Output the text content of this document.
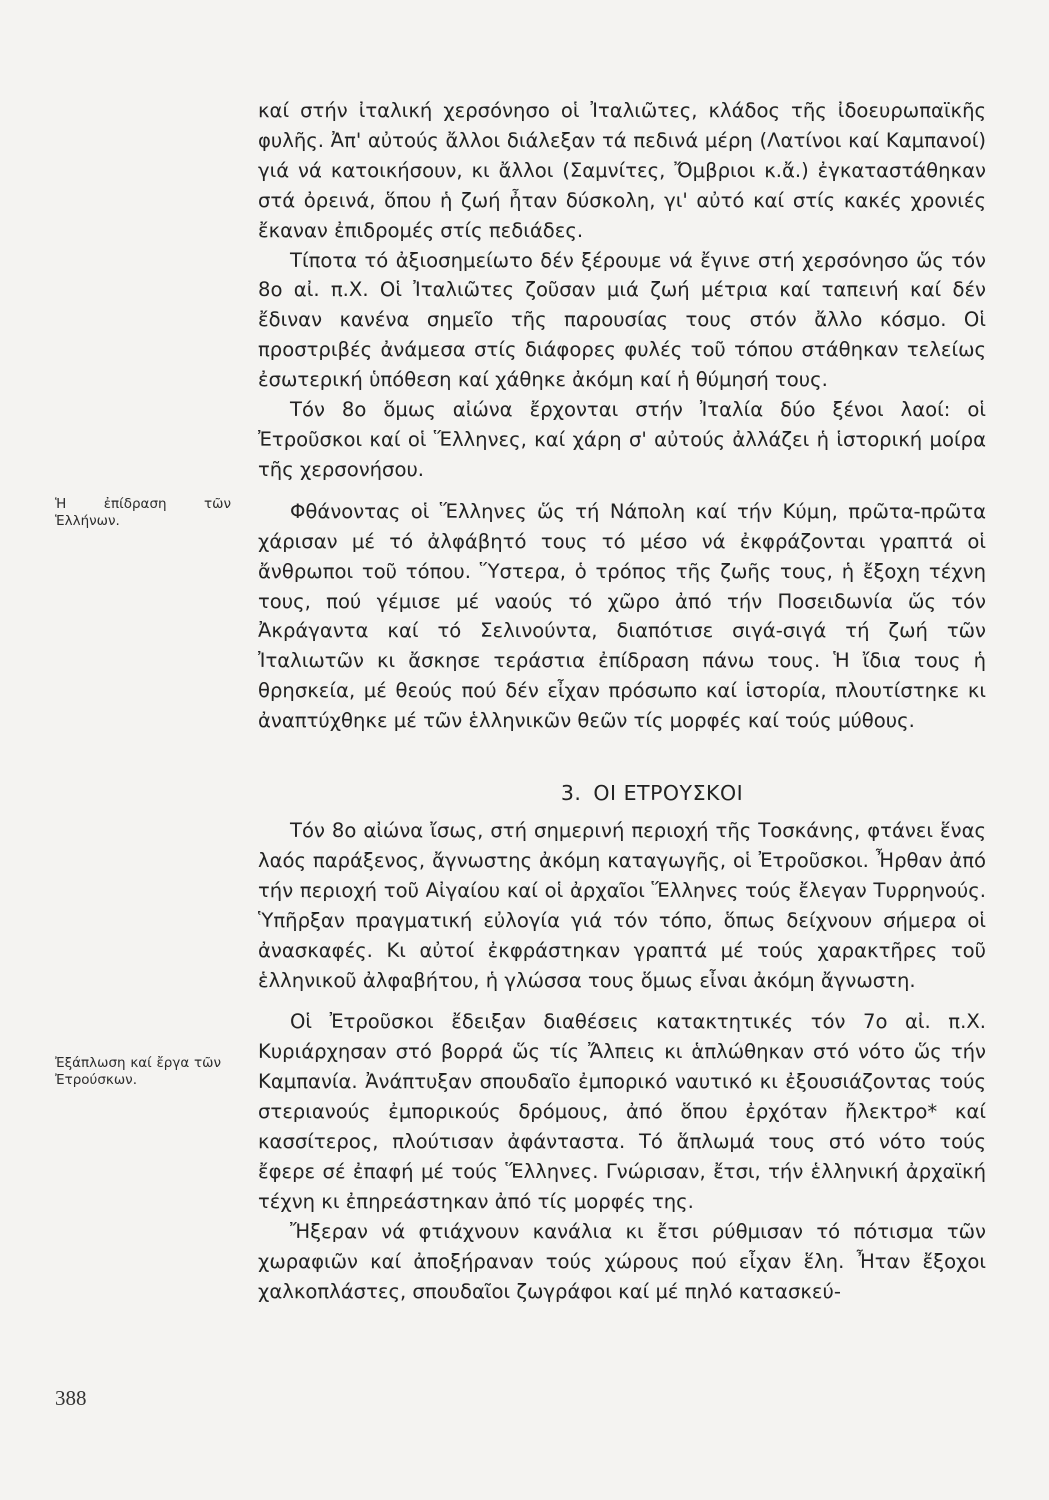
Ἡ ἐπίδραση τῶν Ἑλλήνων.
Ἐξάπλωση καί ἔργα τῶν Ἐτρούσκων.

καί στήν ἰταλική χερσόνησο οἱ Ἰταλιῶτες, κλάδος τῆς ἰδοευρωπαϊκῆς φυλῆς. Ἀπ' αὐτούς ἄλλοι διάλεξαν τά πεδινά μέρη (Λατίνοι καί Καμπανοί) γιά νά κατοικήσουν, κι ἄλλοι (Σαμνίτες, Ὄμβριοι κ.ἄ.) ἐγκαταστάθηκαν στά ὀρεινά, ὅπου ἡ ζωή ἦταν δύσκολη, γι' αὐτό καί στίς κακές χρονιές ἔκαναν ἐπιδρομές στίς πεδιάδες.

Τίποτα τό ἀξιοσημείωτο δέν ξέρουμε νά ἔγινε στή χερσόνησο ὥς τόν 8ο αἰ. π.Χ. Οἱ Ἰταλιῶτες ζοῦσαν μιά ζωή μέτρια καί ταπεινή καί δέν ἔδιναν κανένα σημεῖο τῆς παρουσίας τους στόν ἄλλο κόσμο. Οἱ προστριβές ἀνάμεσα στίς διάφορες φυλές τοῦ τόπου στάθηκαν τελείως ἐσωτερική ὑπόθεση καί χάθηκε ἀκόμη καί ἡ θύμησή τους.

Τόν 8ο ὅμως αἰώνα ἔρχονται στήν Ἰταλία δύο ξένοι λαοί: οἱ Ἐτροῦσκοι καί οἱ Ἕλληνες, καί χάρη σ' αὐτούς ἀλλάζει ἡ ἱστορική μοίρα τῆς χερσονήσου.

Φθάνοντας οἱ Ἕλληνες ὥς τή Νάπολη καί τήν Κύμη, πρῶτα-πρῶτα χάρισαν μέ τό ἀλφάβητό τους τό μέσο νά ἐκφράζονται γραπτά οἱ ἄνθρωποι τοῦ τόπου. Ὕστερα, ὁ τρόπος τῆς ζωῆς τους, ἡ ἔξοχη τέχνη τους, πού γέμισε μέ ναούς τό χῶρο ἀπό τήν Ποσειδωνία ὥς τόν Ἀκράγαντα καί τό Σελινούντα, διαπότισε σιγά-σιγά τή ζωή τῶν Ἰταλιωτῶν κι ἄσκησε τεράστια ἐπίδραση πάνω τους. Ἡ ἴδια τους ἡ θρησκεία, μέ θεούς πού δέν εἶχαν πρόσωπο καί ἱστορία, πλουτίστηκε κι ἀναπτύχθηκε μέ τῶν ἑλληνικῶν θεῶν τίς μορφές καί τούς μύθους.

3. ΟΙ ΕΤΡΟΥΣΚΟΙ

Τόν 8ο αἰώνα ἴσως, στή σημερινή περιοχή τῆς Τοσκάνης, φτάνει ἕνας λαός παράξενος, ἄγνωστης ἀκόμη καταγωγῆς, οἱ Ἐτροῦσκοι. Ἦρθαν ἀπό τήν περιοχή τοῦ Αἰγαίου καί οἱ ἀρχαῖοι Ἕλληνες τούς ἔλεγαν Τυρρηνούς. Ὑπῆρξαν πραγματική εὐλογία γιά τόν τόπο, ὅπως δείχνουν σήμερα οἱ ἀνασκαφές. Κι αὐτοί ἐκφράστηκαν γραπτά μέ τούς χαρακτῆρες τοῦ ἑλληνικοῦ ἀλφαβήτου, ἡ γλώσσα τους ὅμως εἶναι ἀκόμη ἄγνωστη.

Οἱ Ἐτροῦσκοι ἔδειξαν διαθέσεις κατακτητικές τόν 7ο αἰ. π.Χ. Κυριάρχησαν στό βορρά ὥς τίς Ἄλπεις κι ἁπλώθηκαν στό νότο ὥς τήν Καμπανία. Ἀνάπτυξαν σπουδαῖο ἐμπορικό ναυτικό κι ἐξουσιάζοντας τούς στεριανούς ἐμπορικούς δρόμους, ἀπό ὅπου ἐρχόταν ἤλεκτρο* καί κασσίτερος, πλούτισαν ἀφάνταστα. Τό ἅπλωμά τους στό νότο τούς ἔφερε σέ ἐπαφή μέ τούς Ἕλληνες. Γνώρισαν, ἔτσι, τήν ἑλληνική ἀρχαϊκή τέχνη κι ἐπηρεάστηκαν ἀπό τίς μορφές της.

Ἤξεραν νά φτιάχνουν κανάλια κι ἔτσι ρύθμισαν τό πότισμα τῶν χωραφιῶν καί ἀποξήραναν τούς χώρους πού εἶχαν ἕλη. Ἦταν ἔξοχοι χαλκοπλάστες, σπουδαῖοι ζωγράφοι καί μέ πηλό κατασκεύ-

388
